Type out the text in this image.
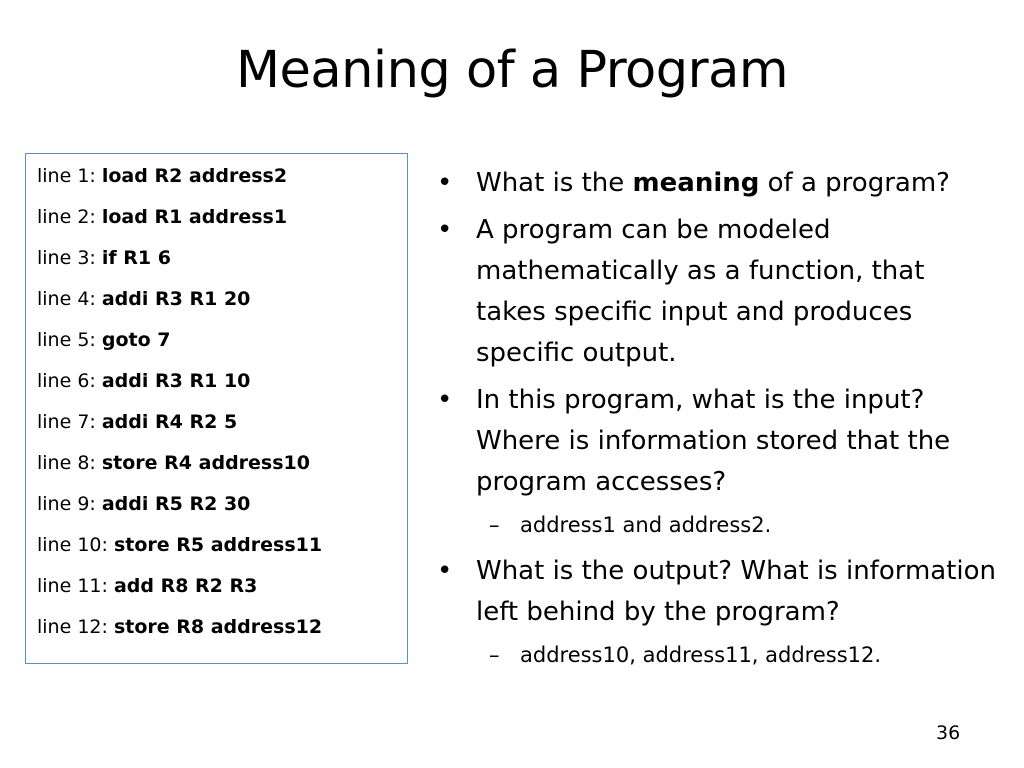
Meaning of a Program
line 1: load R2 address2
line 2: load R1 address1
line 3: if R1 6
line 4: addi R3 R1 20
line 5: goto 7
line 6: addi R3 R1 10
line 7: addi R4 R2 5
line 8: store R4 address10
line 9: addi R5 R2 30
line 10: store R5 address11
line 11: add R8 R2 R3
line 12: store R8 address12
• What is the meaning of a program?
• A program can be modeled mathematically as a function, that takes specific input and produces specific output.
• In this program, what is the input? Where is information stored that the program accesses?
– address1 and address2.
• What is the output? What is information left behind by the program?
– address10, address11, address12.
36
